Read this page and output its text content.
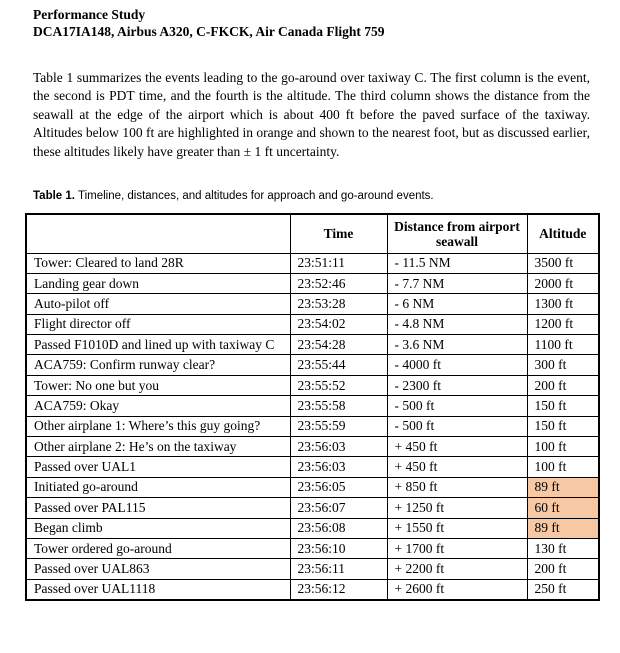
Performance Study
DCA17IA148, Airbus A320, C-FKCK, Air Canada Flight 759
Table 1 summarizes the events leading to the go-around over taxiway C. The first column is the event, the second is PDT time, and the fourth is the altitude. The third column shows the distance from the seawall at the edge of the airport which is about 400 ft before the paved surface of the taxiway. Altitudes below 100 ft are highlighted in orange and shown to the nearest foot, but as discussed earlier, these altitudes likely have greater than ± 1 ft uncertainty.
Table 1. Timeline, distances, and altitudes for approach and go-around events.
	Time	Distance from airport seawall	Altitude
Tower: Cleared to land 28R	23:51:11	- 11.5 NM	3500 ft
Landing gear down	23:52:46	- 7.7 NM	2000 ft
Auto-pilot off	23:53:28	- 6 NM	1300 ft
Flight director off	23:54:02	- 4.8 NM	1200 ft
Passed F1010D and lined up with taxiway C	23:54:28	- 3.6 NM	1100 ft
ACA759: Confirm runway clear?	23:55:44	- 4000 ft	300 ft
Tower: No one but you	23:55:52	- 2300 ft	200 ft
ACA759: Okay	23:55:58	- 500 ft	150 ft
Other airplane 1: Where’s this guy going?	23:55:59	- 500 ft	150 ft
Other airplane 2: He’s on the taxiway	23:56:03	+ 450 ft	100 ft
Passed over UAL1	23:56:03	+ 450 ft	100 ft
Initiated go-around	23:56:05	+ 850 ft	89 ft
Passed over PAL115	23:56:07	+ 1250 ft	60 ft
Began climb	23:56:08	+ 1550 ft	89 ft
Tower ordered go-around	23:56:10	+ 1700 ft	130 ft
Passed over UAL863	23:56:11	+ 2200 ft	200 ft
Passed over UAL1118	23:56:12	+ 2600 ft	250 ft
